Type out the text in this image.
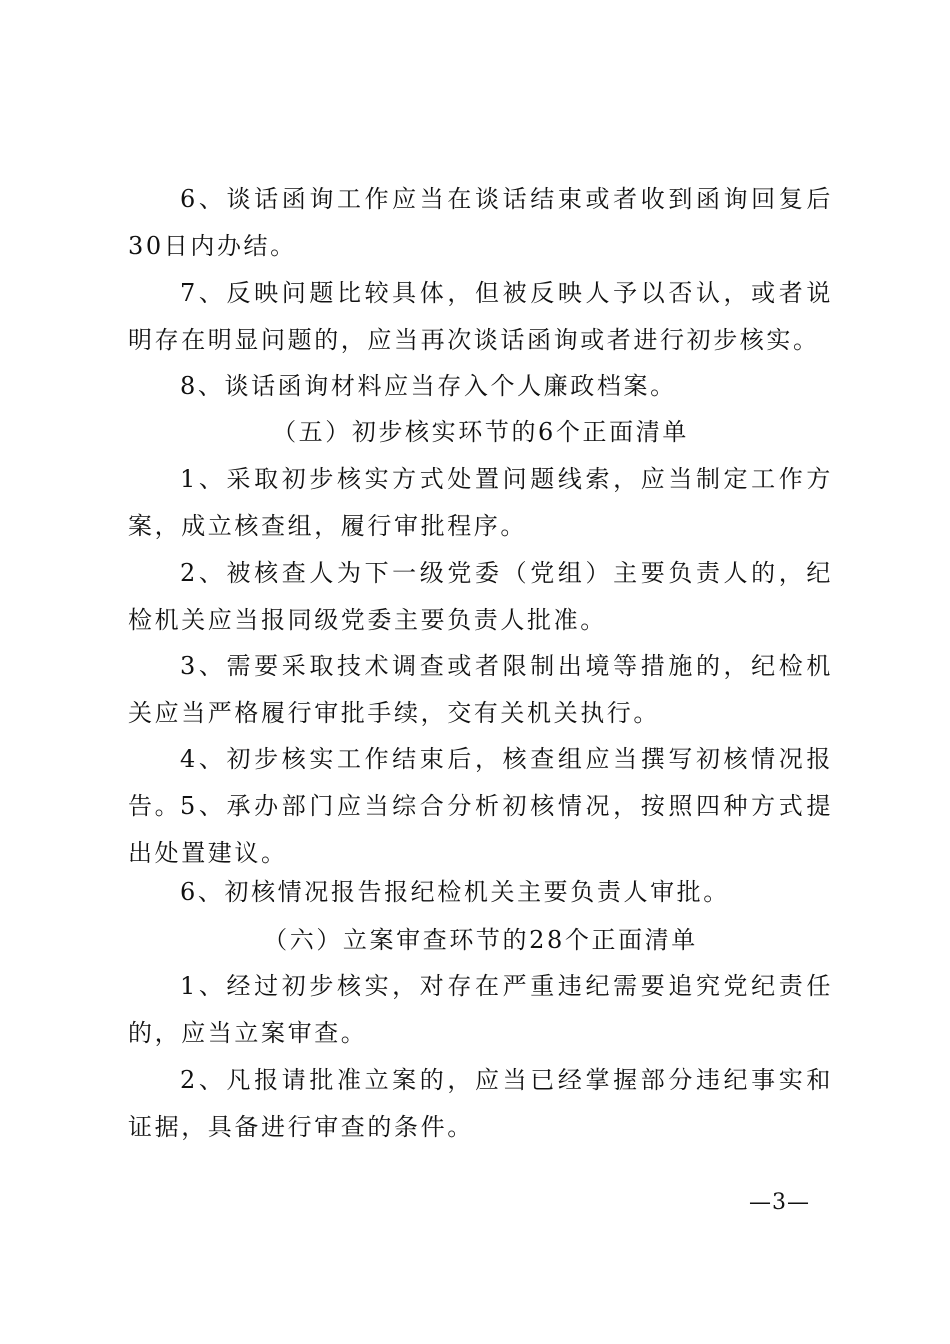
6、谈话函询工作应当在谈话结束或者收到函询回复后30日内办结。

7、反映问题比较具体，但被反映人予以否认，或者说明存在明显问题的，应当再次谈话函询或者进行初步核实。

8、谈话函询材料应当存入个人廉政档案。

（五）初步核实环节的6个正面清单

1、采取初步核实方式处置问题线索，应当制定工作方案，成立核查组，履行审批程序。

2、被核查人为下一级党委（党组）主要负责人的，纪检机关应当报同级党委主要负责人批准。

3、需要采取技术调查或者限制出境等措施的，纪检机关应当严格履行审批手续，交有关机关执行。

4、初步核实工作结束后，核查组应当撰写初核情况报告。

5、承办部门应当综合分析初核情况，按照四种方式提出处置建议。

6、初核情况报告报纪检机关主要负责人审批。

（六）立案审查环节的28个正面清单

1、经过初步核实，对存在严重违纪需要追究党纪责任的，应当立案审查。

2、凡报请批准立案的，应当已经掌握部分违纪事实和证据，具备进行审查的条件。

—3—
